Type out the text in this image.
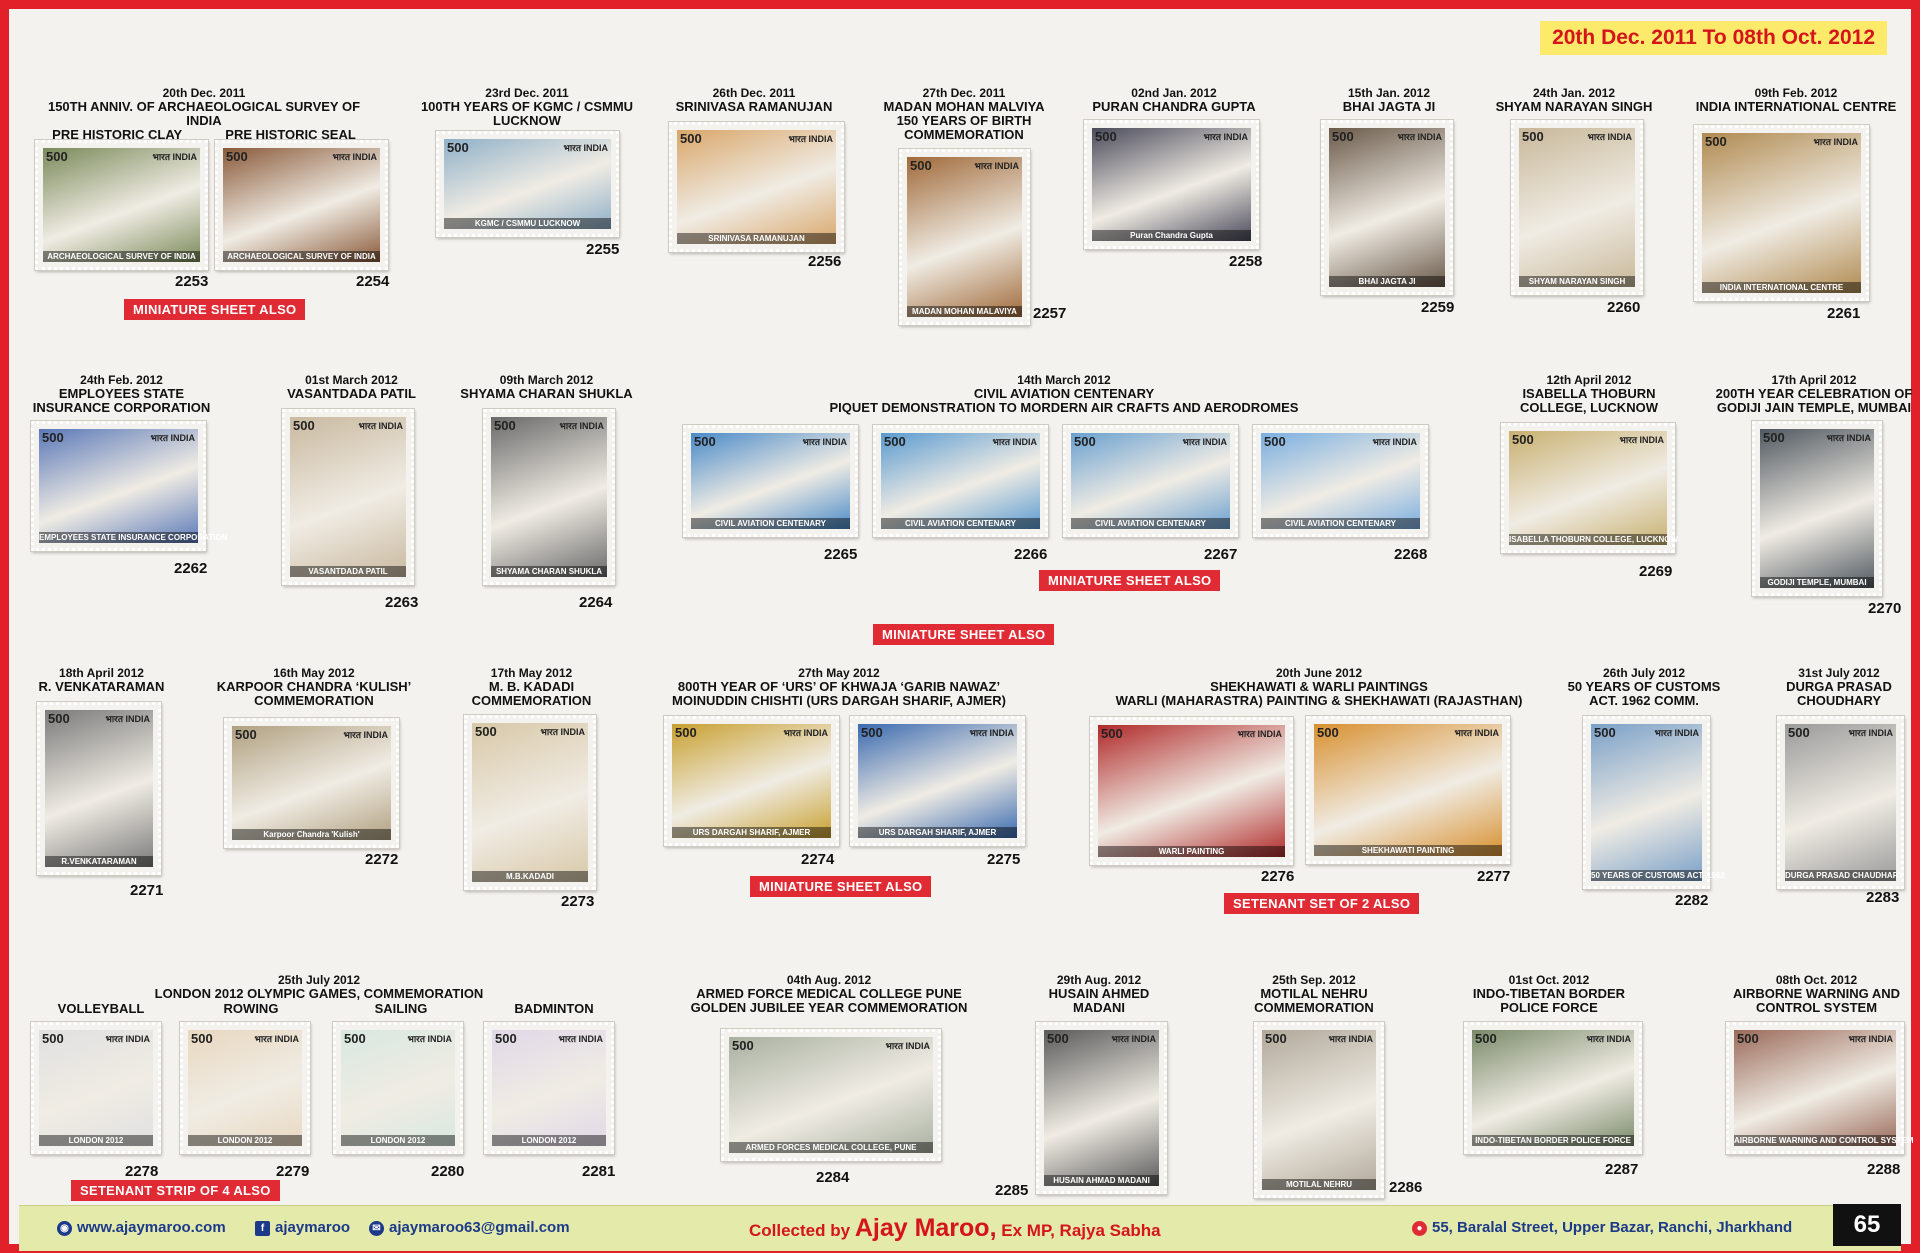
20th Dec. 2011 To 08th Oct. 2012
20th Dec. 2011
150TH ANNIV. OF ARCHAEOLOGICAL SURVEY OF INDIA
PRE HISTORIC CLAY            PRE HISTORIC SEAL
23rd Dec. 2011
100TH YEARS OF KGMC / CSMMU
LUCKNOW
26th Dec. 2011
SRINIVASA RAMANUJAN
27th Dec. 2011
MADAN MOHAN MALVIYA
150 YEARS OF BIRTH
COMMEMORATION
02nd Jan. 2012
PURAN CHANDRA GUPTA
15th Jan. 2012
BHAI JAGTA JI
24th Jan. 2012
SHYAM NARAYAN SINGH
09th Feb. 2012
INDIA INTERNATIONAL CENTRE
500	भारत INDIA
ARCHAEOLOGICAL SURVEY OF INDIA
2253
500	भारत INDIA
ARCHAEOLOGICAL SURVEY OF INDIA
2254
MINIATURE SHEET ALSO
500	भारत INDIA
KGMC / CSMMU LUCKNOW
2255
500	भारत INDIA
SRINIVASA RAMANUJAN
2256
500	भारत INDIA
MADAN MOHAN MALAVIYA	2257
500	भारत INDIA
Puran Chandra Gupta
2258
500	भारत INDIA
BHAI JAGTA JI
2259
500	भारत INDIA
SHYAM NARAYAN SINGH
2260
500	भारत INDIA
INDIA INTERNATIONAL CENTRE
2261
24th Feb. 2012
EMPLOYEES STATE
INSURANCE CORPORATION
01st March 2012
VASANTDADA PATIL
09th March 2012
SHYAMA CHARAN SHUKLA
14th March 2012
CIVIL AVIATION CENTENARY
PIQUET DEMONSTRATION TO MORDERN AIR CRAFTS AND AERODROMES
12th April 2012
ISABELLA THOBURN
COLLEGE, LUCKNOW
17th April 2012
200TH YEAR CELEBRATION OF
GODIJI JAIN TEMPLE, MUMBAI
500	भारत INDIA
EMPLOYEES STATE INSURANCE CORPORATION
2262
500	भारत INDIA
VASANTDADA PATIL
2263
500	भारत INDIA
SHYAMA CHARAN SHUKLA
2264
500	भारत INDIA
CIVIL AVIATION CENTENARY
2265
500	भारत INDIA
CIVIL AVIATION CENTENARY
2266
500	भारत INDIA
CIVIL AVIATION CENTENARY
2267
500	भारत INDIA
CIVIL AVIATION CENTENARY
2268
MINIATURE SHEET ALSO
MINIATURE SHEET ALSO
500	भारत INDIA
ISABELLA THOBURN COLLEGE, LUCKNOW
2269
500	भारत INDIA
GODIJI TEMPLE, MUMBAI
2270
18th April 2012
R. VENKATARAMAN
16th May 2012
KARPOOR CHANDRA ‘KULISH’
COMMEMORATION
17th May 2012
M. B. KADADI
COMMEMORATION
27th May 2012
800TH YEAR OF ‘URS’ OF KHWAJA ‘GARIB NAWAZ’
MOINUDDIN CHISHTI (URS DARGAH SHARIF, AJMER)
20th June 2012
SHEKHAWATI & WARLI PAINTINGS
WARLI (MAHARASTRA) PAINTING & SHEKHAWATI (RAJASTHAN)
26th July 2012
50 YEARS OF CUSTOMS
ACT. 1962 COMM.
31st July 2012
DURGA PRASAD
CHOUDHARY
500	भारत INDIA
R.VENKATARAMAN
2271
500	भारत INDIA
Karpoor Chandra 'Kulish'
2272
500	भारत INDIA
M.B.KADADI
2273
500	भारत INDIA
URS DARGAH SHARIF, AJMER
2274
500	भारत INDIA
URS DARGAH SHARIF, AJMER
2275
MINIATURE SHEET ALSO
500	भारत INDIA
WARLI PAINTING
2276
500	भारत INDIA
SHEKHAWATI PAINTING
2277
SETENANT SET OF 2 ALSO
500	भारत INDIA
50 YEARS OF CUSTOMS ACT. 1962
2282
500	भारत INDIA
DURGA PRASAD CHAUDHARY
2283
25th July 2012
LONDON 2012 OLYMPIC GAMES, COMMEMORATION
VOLLEYBALL	ROWING	SAILING	BADMINTON
04th Aug. 2012
ARMED FORCE MEDICAL COLLEGE PUNE
GOLDEN JUBILEE YEAR COMMEMORATION
29th Aug. 2012
HUSAIN AHMED
MADANI
25th Sep. 2012
MOTILAL NEHRU
COMMEMORATION
01st Oct. 2012
INDO-TIBETAN BORDER
POLICE FORCE
08th Oct. 2012
AIRBORNE WARNING AND
CONTROL SYSTEM
500	भारत INDIA
LONDON 2012
2278
500	भारत INDIA
LONDON 2012
2279
500	भारत INDIA
LONDON 2012
2280
500	भारत INDIA
LONDON 2012
2281
SETENANT STRIP OF 4 ALSO
500	भारत INDIA
ARMED FORCES MEDICAL COLLEGE, PUNE
2284
500	भारत INDIA
HUSAIN AHMAD MADANI
2285
500	भारत INDIA
MOTILAL NEHRU	2286
500	भारत INDIA
INDO-TIBETAN BORDER POLICE FORCE
2287
500	भारत INDIA
AIRBORNE WARNING AND CONTROL SYSTEM
2288
◉ www.ajaymaroo.com	f ajaymaroo	✉ ajaymaroo63@gmail.com	Collected by Ajay Maroo, Ex MP, Rajya Sabha	● 55, Baralal Street, Upper Bazar, Ranchi, Jharkhand	65
